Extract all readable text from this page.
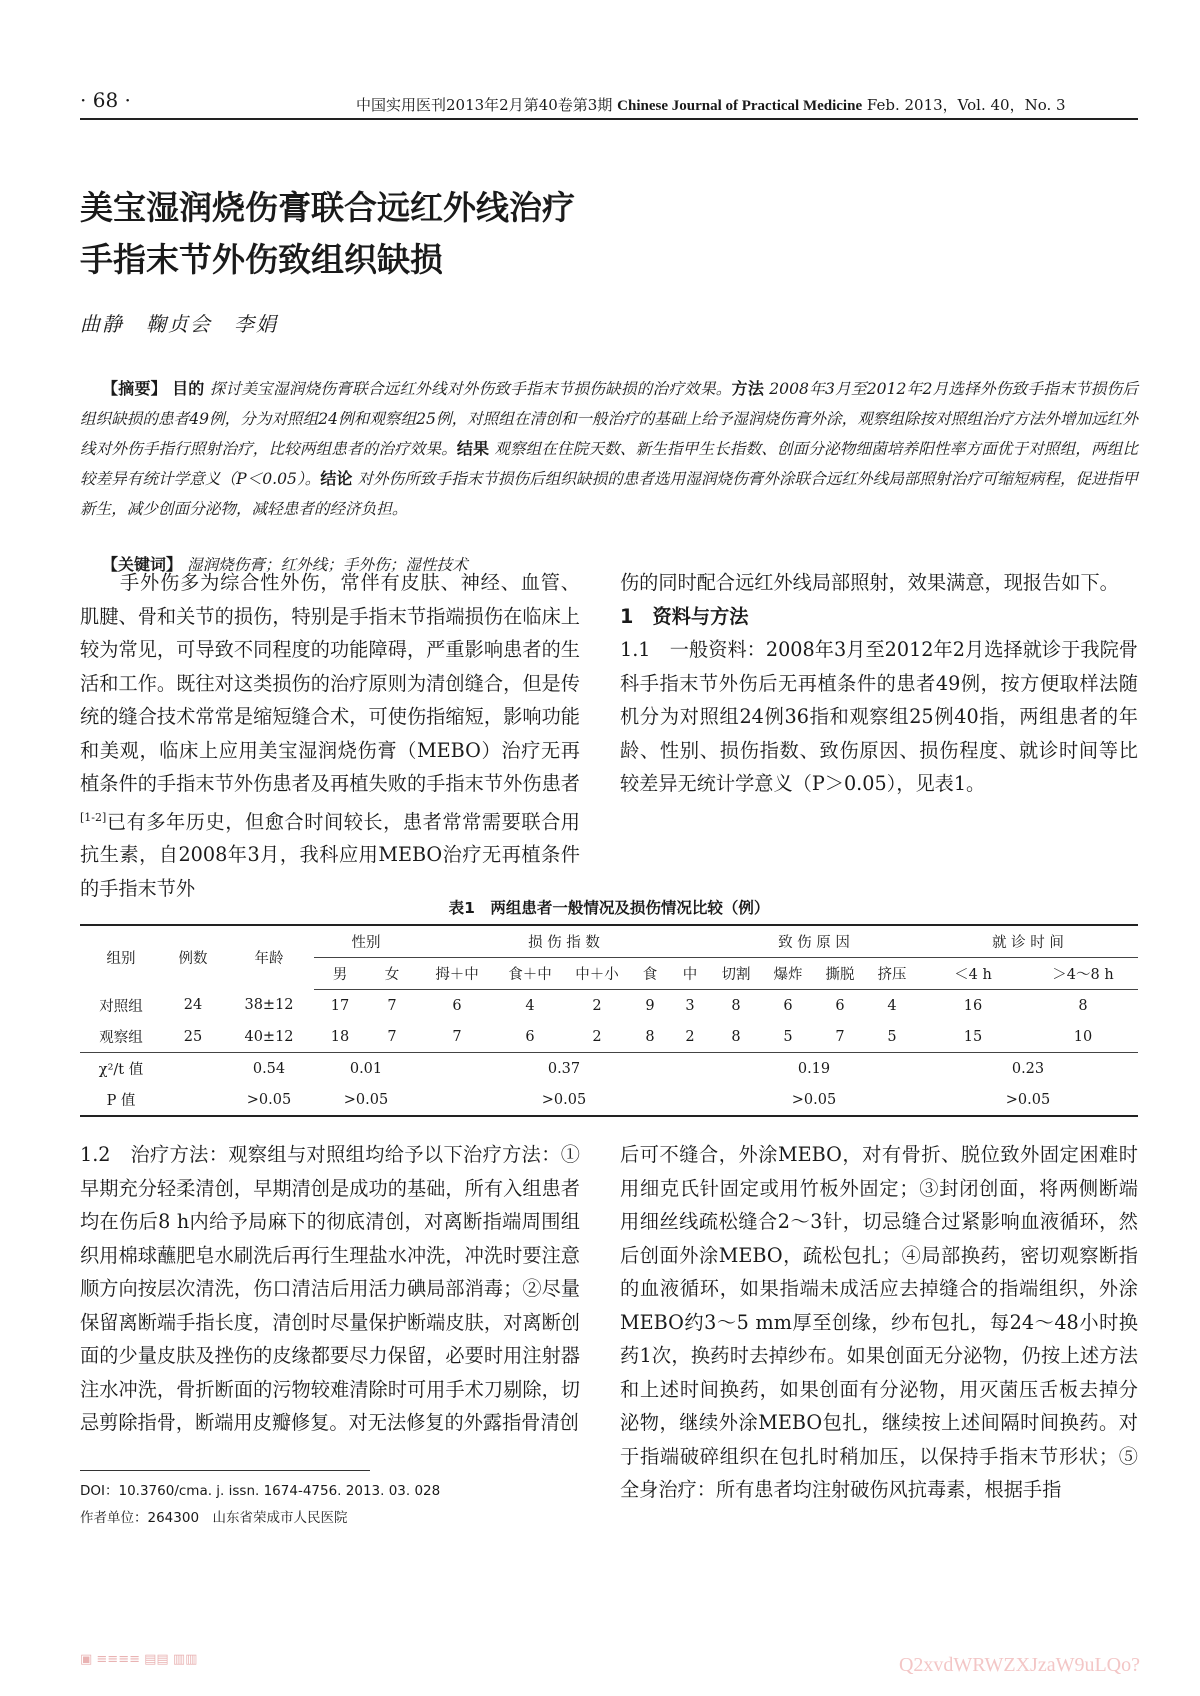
· 68 ·	中国实用医刊2013年2月第40卷第3期 Chinese Journal of Practical Medicine Feb. 2013，Vol. 40，No. 3
美宝湿润烧伤膏联合远红外线治疗
手指末节外伤致组织缺损
曲静　鞠贞会　李娟

【摘要】 目的 探讨美宝湿润烧伤膏联合远红外线对外伤致手指末节损伤缺损的治疗效果。方法 2008年3月至2012年2月选择外伤致手指末节损伤后组织缺损的患者49例，分为对照组24例和观察组25例，对照组在清创和一般治疗的基础上给予湿润烧伤膏外涂，观察组除按对照组治疗方法外增加远红外线对外伤手指行照射治疗，比较两组患者的治疗效果。结果 观察组在住院天数、新生指甲生长指数、创面分泌物细菌培养阳性率方面优于对照组，两组比较差异有统计学意义（P＜0.05）。结论 对外伤所致手指末节损伤后组织缺损的患者选用湿润烧伤膏外涂联合远红外线局部照射治疗可缩短病程，促进指甲新生，减少创面分泌物，减轻患者的经济负担。

【关键词】 湿润烧伤膏；红外线；手外伤；湿性技术

手外伤多为综合性外伤，常伴有皮肤、神经、血管、肌腱、骨和关节的损伤，特别是手指末节指端损伤在临床上较为常见，可导致不同程度的功能障碍，严重影响患者的生活和工作。既往对这类损伤的治疗原则为清创缝合，但是传统的缝合技术常常是缩短缝合术，可使伤指缩短，影响功能和美观，临床上应用美宝湿润烧伤膏（MEBO）治疗无再植条件的手指末节外伤患者及再植失败的手指末节外伤患者[1-2]已有多年历史，但愈合时间较长，患者常常需要联合用抗生素，自2008年3月，我科应用MEBO治疗无再植条件的手指末节外

伤的同时配合远红外线局部照射，效果满意，现报告如下。

1　资料与方法

1.1　一般资料：2008年3月至2012年2月选择就诊于我院骨科手指末节外伤后无再植条件的患者49例，按方便取样法随机分为对照组24例36指和观察组25例40指，两组患者的年龄、性别、损伤指数、致伤原因、损伤程度、就诊时间等比较差异无统计学意义（P＞0.05），见表1。

表1　两组患者一般情况及损伤情况比较（例）
组别	例数	年龄	性别		损 伤 指 数					致 伤 原 因				就 诊 时 间	
			男	女	拇＋中	食＋中	中＋小	食	中	切割	爆炸	撕脱	挤压	＜4 h	＞4～8 h
对照组	24	38±12	17	7	6	4	2	9	3	8	6	6	4	16	8
观察组	25	40±12	18	7	7	6	2	8	2	8	5	7	5	15	10
χ²/t 值		0.54	0.01		0.37					0.19				0.23	
P 值		>0.05	>0.05		>0.05					>0.05				>0.05	

1.2　治疗方法：观察组与对照组均给予以下治疗方法：①早期充分轻柔清创，早期清创是成功的基础，所有入组患者均在伤后8 h内给予局麻下的彻底清创，对离断指端周围组织用棉球蘸肥皂水刷洗后再行生理盐水冲洗，冲洗时要注意顺方向按层次清洗，伤口清洁后用活力碘局部消毒；②尽量保留离断端手指长度，清创时尽量保护断端皮肤，对离断创面的少量皮肤及挫伤的皮缘都要尽力保留，必要时用注射器注水冲洗，骨折断面的污物较难清除时可用手术刀剔除，切忌剪除指骨，断端用皮瓣修复。对无法修复的外露指骨清创

后可不缝合，外涂MEBO，对有骨折、脱位致外固定困难时用细克氏针固定或用竹板外固定；③封闭创面，将两侧断端用细丝线疏松缝合2～3针，切忌缝合过紧影响血液循环，然后创面外涂MEBO，疏松包扎；④局部换药，密切观察断指的血液循环，如果指端未成活应去掉缝合的指端组织，外涂MEBO约3～5 mm厚至创缘，纱布包扎，每24～48小时换药1次，换药时去掉纱布。如果创面无分泌物，仍按上述方法和上述时间换药，如果创面有分泌物，用灭菌压舌板去掉分泌物，继续外涂MEBO包扎，继续按上述间隔时间换药。对于指端破碎组织在包扎时稍加压，以保持手指末节形状；⑤全身治疗：所有患者均注射破伤风抗毒素，根据手指

DOI：10.3760/cma. j. issn. 1674-4756. 2013. 03. 028
作者单位：264300　山东省荣成市人民医院
▣ ≡≡≡≡ ▤▤ ▥▥	Q2xvdWRWZXJzaW9uLQo?
